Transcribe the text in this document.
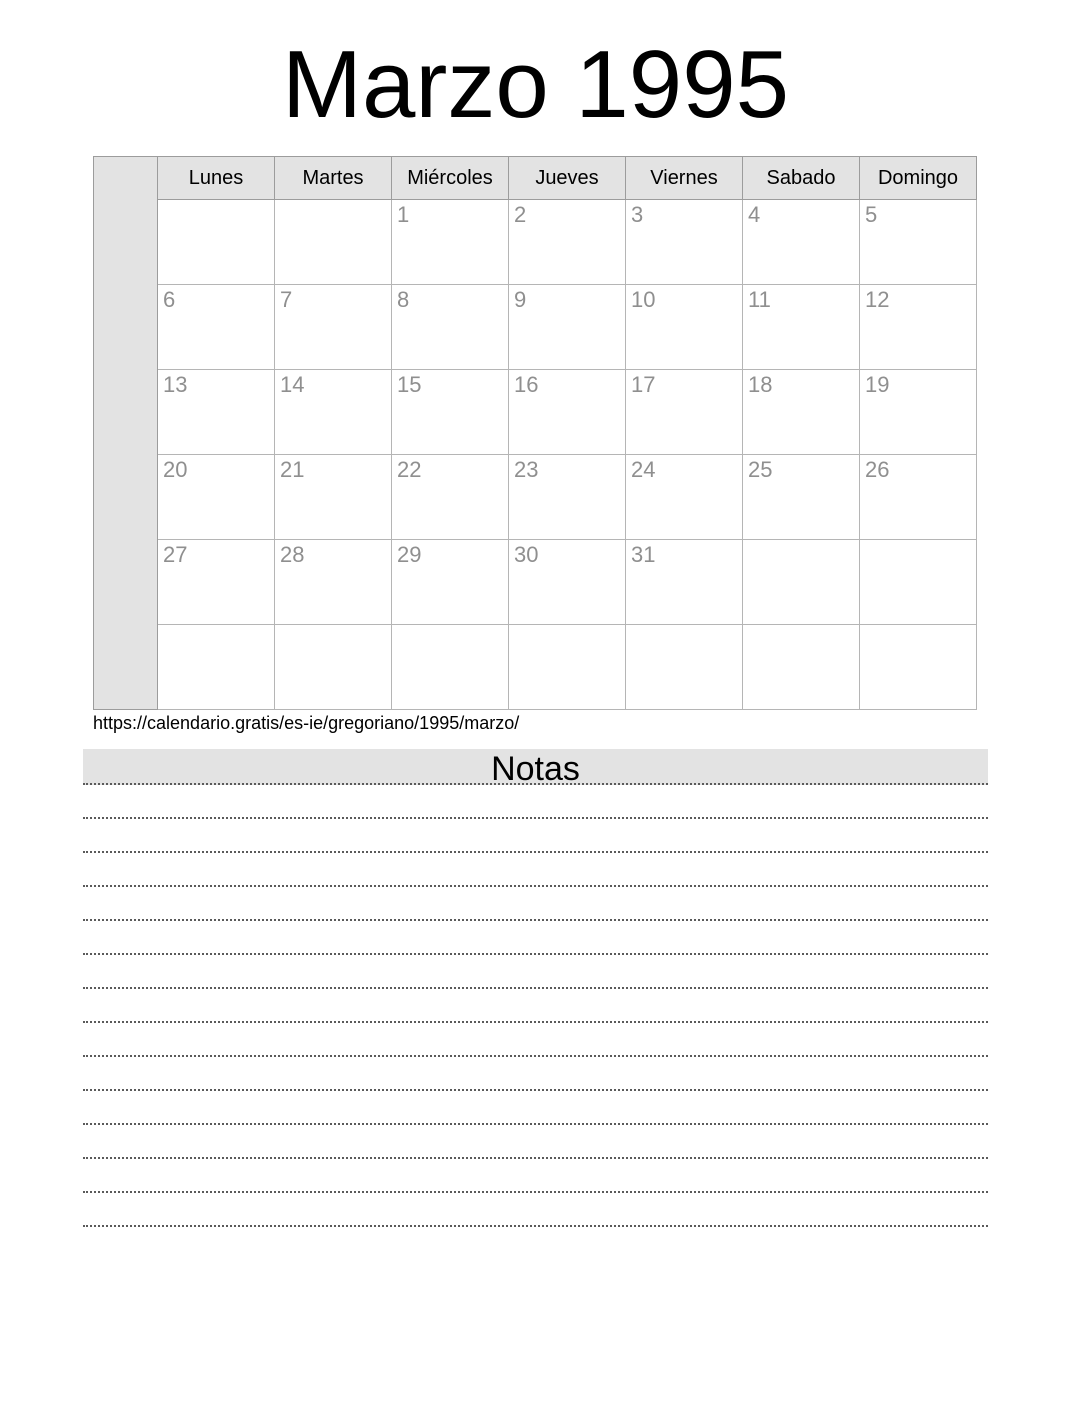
Marzo 1995
	Lunes	Martes	Miércoles	Jueves	Viernes	Sabado	Domingo
			1	2	3	4	5
	6	7	8	9	10	11	12
	13	14	15	16	17	18	19
	20	21	22	23	24	25	26
	27	28	29	30	31		

https://calendario.gratis/es-ie/gregoriano/1995/marzo/
Notas
